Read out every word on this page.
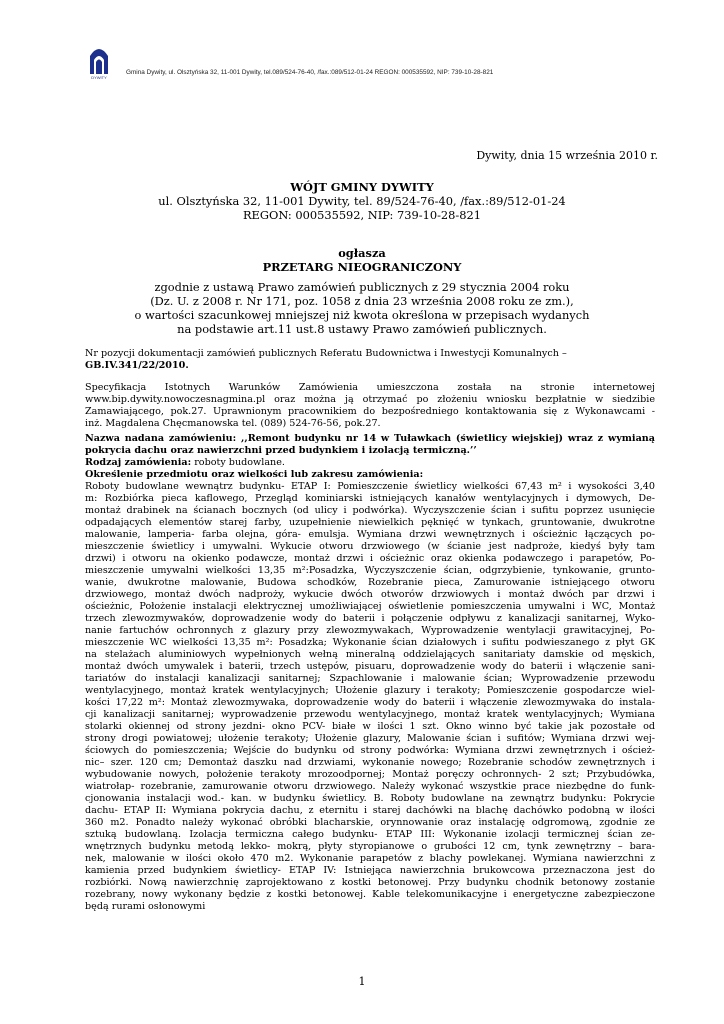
DYWITY
Gmina Dywity, ul. Olsztyńska 32, 11-001 Dywity, tel.089/524-76-40, /fax.:089/512-01-24 REGON: 000535592, NIP: 739-10-28-821
Dywity, dnia 15 września 2010 r.
WÓJT GMINY DYWITY
ul. Olsztyńska 32, 11-001 Dywity, tel. 89/524-76-40, /fax.:89/512-01-24
REGON: 000535592, NIP: 739-10-28-821
ogłasza
PRZETARG NIEOGRANICZONY
zgodnie z ustawą Prawo zamówień publicznych z 29 stycznia 2004 roku
(Dz. U. z 2008 r. Nr 171, poz. 1058 z dnia 23 września 2008 roku ze zm.),
o wartości szacunkowej mniejszej niż kwota określona w przepisach wydanych
na podstawie art.11 ust.8 ustawy Prawo zamówień publicznych.
Nr pozycji dokumentacji zamówień publicznych Referatu Budownictwa i Inwestycji Komunalnych –
GB.IV.341/22/2010.
Specyfikacja Istotnych Warunków Zamówienia umieszczona została na stronie internetowej
www.bip.dywity.nowoczesnagmina.pl oraz można ją otrzymać po złożeniu wniosku bezpłatnie w siedzibie
Zamawiającego, pok.27. Uprawnionym pracownikiem do bezpośredniego kontaktowania się z Wykonawcami -
inż. Magdalena Chęcmanowska tel. (089) 524-76-56, pok.27.
Nazwa nadana zamówieniu: ,,Remont budynku nr 14 w Tuławkach (świetlicy wiejskiej) wraz z wymianą
pokrycia dachu oraz nawierzchni przed budynkiem i izolacją termiczną.’’
Rodzaj zamówienia: roboty budowlane.
Określenie przedmiotu oraz wielkości lub zakresu zamówienia:
Roboty budowlane wewnątrz budynku- ETAP I: Pomieszczenie świetlicy wielkości 67,43 m² i wysokości 3,40
m: Rozbiórka pieca kaflowego, Przegląd kominiarski istniejących kanałów wentylacyjnych i dymowych, De-
montaż drabinek na ścianach bocznych (od ulicy i podwórka). Wyczyszczenie ścian i sufitu poprzez usunięcie
odpadających elementów starej farby, uzupełnienie niewielkich pęknięć w tynkach, gruntowanie, dwukrotne
malowanie, lamperia- farba olejna, góra- emulsja. Wymiana drzwi wewnętrznych i ościeżnic łączących po-
mieszczenie świetlicy i umywalni. Wykucie otworu drzwiowego (w ścianie jest nadproże, kiedyś były tam
drzwi) i otworu na okienko podawcze, montaż drzwi i ościeżnic oraz okienka podawczego i parapetów, Po-
mieszczenie umywalni wielkości 13,35 m²:Posadzka, Wyczyszczenie ścian, odgrzybienie, tynkowanie, grunto-
wanie, dwukrotne malowanie, Budowa schodków, Rozebranie pieca, Zamurowanie istniejącego otworu
drzwiowego, montaż dwóch nadproży, wykucie dwóch otworów drzwiowych i montaż dwóch par drzwi i
ościeżnic, Położenie instalacji elektrycznej umożliwiającej oświetlenie pomieszczenia umywalni i WC, Montaż
trzech zlewozmywaków, doprowadzenie wody do baterii i połączenie odpływu z kanalizacji sanitarnej, Wyko-
nanie fartuchów ochronnych z glazury przy zlewozmywakach, Wyprowadzenie wentylacji grawitacyjnej, Po-
mieszczenie WC wielkości 13,35 m²: Posadzka; Wykonanie ścian działowych i sufitu podwieszanego z płyt GK
na stelażach aluminiowych wypełnionych wełną mineralną oddzielających sanitariaty damskie od męskich,
montaż dwóch umywalek i baterii, trzech ustępów, pisuaru, doprowadzenie wody do baterii i włączenie sani-
tariatów do instalacji kanalizacji sanitarnej; Szpachlowanie i malowanie ścian; Wyprowadzenie przewodu
wentylacyjnego, montaż kratek wentylacyjnych; Ułożenie glazury i terakoty; Pomieszczenie gospodarcze wiel-
kości 17,22 m²: Montaż zlewozmywaka, doprowadzenie wody do baterii i włączenie zlewozmywaka do instala-
cji kanalizacji sanitarnej; wyprowadzenie przewodu wentylacyjnego, montaż kratek wentylacyjnych; Wymiana
stolarki okiennej od strony jezdni- okno PCV- białe w ilości 1 szt. Okno winno być takie jak pozostałe od
strony drogi powiatowej; ułożenie terakoty; Ułożenie glazury, Malowanie ścian i sufitów; Wymiana drzwi wej-
ściowych do pomieszczenia; Wejście do budynku od strony podwórka: Wymiana drzwi zewnętrznych i oścież-
nic– szer. 120 cm; Demontaż daszku nad drzwiami, wykonanie nowego; Rozebranie schodów zewnętrznych i
wybudowanie nowych, położenie terakoty mrozoodpornej; Montaż poręczy ochronnych- 2 szt; Przybudówka,
wiatrołap- rozebranie, zamurowanie otworu drzwiowego. Należy wykonać wszystkie prace niezbędne do funk-
cjonowania instalacji wod.- kan. w budynku świetlicy. B. Roboty budowlane na zewnątrz budynku: Pokrycie
dachu- ETAP II: Wymiana pokrycia dachu, z eternitu i starej dachówki na blachę dachówko podobną w ilości
360 m2. Ponadto należy wykonać obróbki blacharskie, orynnowanie oraz instalację odgromową, zgodnie ze
sztuką budowlaną. Izolacja termiczna całego budynku- ETAP III: Wykonanie izolacji termicznej ścian ze-
wnętrznych budynku metodą lekko- mokrą, płyty styropianowe o grubości 12 cm, tynk zewnętrzny – bara-
nek, malowanie w ilości około 470 m2. Wykonanie parapetów z blachy powlekanej. Wymiana nawierzchni z
kamienia przed budynkiem świetlicy- ETAP IV: Istniejąca nawierzchnia brukowcowa przeznaczona jest do
rozbiórki. Nową nawierzchnię zaprojektowano z kostki betonowej. Przy budynku chodnik betonowy zostanie
rozebrany, nowy wykonany będzie z kostki betonowej. Kable telekomunikacyjne i energetyczne zabezpieczone
będą rurami osłonowymi
1
